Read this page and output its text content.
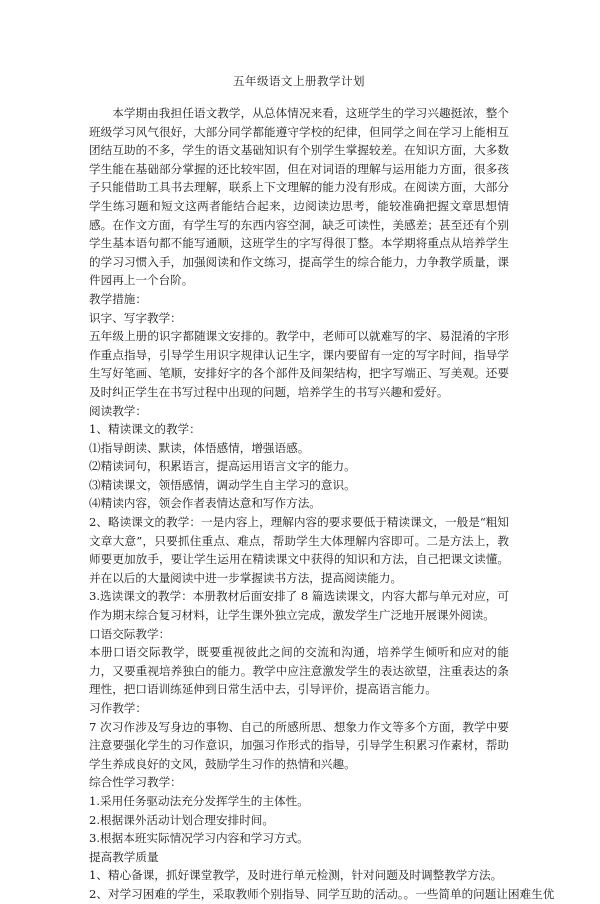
五年级语文上册教学计划

本学期由我担任语文教学，从总体情况来看，这班学生的学习兴趣挺浓，整个班级学习风气很好，大部分同学都能遵守学校的纪律，但同学之间在学习上能相互团结互助的不多，学生的语文基础知识有个别学生掌握较差。在知识方面，大多数学生能在基础部分掌握的还比较牢固，但在对词语的理解与运用能力方面，很多孩子只能借助工具书去理解，联系上下文理解的能力没有形成。在阅读方面，大部分学生练习题和短文这两者能结合起来，边阅读边思考，能较准确把握文章思想情感。在作文方面，有学生写的东西内容空洞，缺乏可读性，美感差；甚至还有个别学生基本语句都不能写通顺，这班学生的字写得很丁整。本学期将重点从培养学生的学习习惯入手，加强阅读和作文练习，提高学生的综合能力，力争教学质量，课件园再上一个台阶。

教学措施：

识字、写字教学：

五年级上册的识字都随课文安排的。教学中，老师可以就难写的字、易混淆的字形作重点指导，引导学生用识字规律认记生字，课内要留有一定的写字时间，指导学生写好笔画、笔顺，安排好字的各个部件及间架结构，把字写端正、写美观。还要及时纠正学生在书写过程中出现的问题，培养学生的书写兴趣和爱好。

阅读教学：

1、精读课文的教学：

⑴指导朗读、默读，体悟感情，增强语感。

⑵精读词句，积累语言，提高运用语言文字的能力。

⑶精读课文，领悟感情，调动学生自主学习的意识。

⑷精读内容，领会作者表情达意和写作方法。

2、略读课文的教学：一是内容上，理解内容的要求要低于精读课文，一般是“粗知文章大意”，只要抓住重点、难点，帮助学生大体理解内容即可。二是方法上，教师要更加放手，要让学生运用在精读课文中获得的知识和方法，自己把课文读懂。并在以后的大量阅读中进一步掌握读书方法，提高阅读能力。

3.选读课文的教学：本册教材后面安排了 8 篇选读课文，内容大都与单元对应，可作为期末综合复习材料，让学生课外独立完成，激发学生广泛地开展课外阅读。

口语交际教学：

本册口语交际教学，既要重视彼此之间的交流和沟通，培养学生倾听和应对的能力，又要重视培养独白的能力。教学中应注意激发学生的表达欲望，注重表达的条理性，把口语训练延伸到日常生活中去，引导评价，提高语言能力。

习作教学：

7 次习作涉及写身边的事物、自己的所感所思、想象力作文等多个方面，教学中要注意要强化学生的习作意识，加强习作形式的指导，引导学生积累习作素材，帮助学生养成良好的文风，鼓励学生习作的热情和兴趣。

综合性学习教学：

1.采用任务驱动法充分发挥学生的主体性。

2.根据课外活动计划合理安排时间。

3.根据本班实际情况学习内容和学习方式。

提高教学质量

1、精心备课，抓好课堂教学，及时进行单元检测，针对问题及时调整教学方法。

2、对学习困难的学生，采取教师个别指导、同学互助的活动。。一些简单的问题让困难生优
